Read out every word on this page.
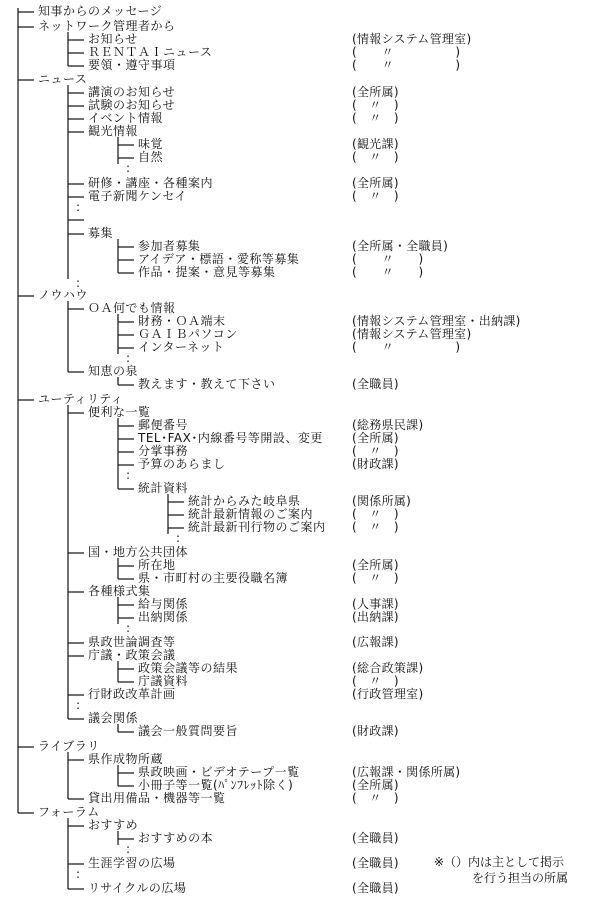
知事からのメッセージ
ネットワーク管理者から
お知らせ	(情報システム管理室)
ＲＥＮＴＡＩニュース	(　　〃　　　　　)
要領・遵守事項	(　　〃　　　　　)
ニュース
講演のお知らせ	(全所属)
試験のお知らせ	(　〃　)
イベント情報	(　〃　)
観光情報
味覚	(観光課)
自然	(　〃　)
:
研修・講座・各種案内	(全所属)
電子新聞ケンセイ	(　〃　)
:
募集
参加者募集	(全所属・全職員)
アイデア・標語・愛称等募集	(　　〃　　)
作品・提案・意見等募集	(　　〃　　)
:
ノウハウ
ＯＡ何でも情報
財務・ＯＡ端末	(情報システム管理室・出納課)
ＧＡＩＢパソコン	(情報システム管理室)
インターネット	(　　〃　　　　　)
:
知恵の泉
教えます・教えて下さい	(全職員)
ユーティリティ
便利な一覧
郵便番号	(総務県民課)
TEL･FAX･内線番号等開設、変更 (全所属)
分掌事務	(　〃　)
予算のあらまし	(財政課)
:
統計資料
統計からみた岐阜県	(関係所属)
統計最新情報のご案内	(　〃　)
統計最新刊行物のご案内 (　〃　)
:
国・地方公共団体
所在地	(全所属)
県・市町村の主要役職名簿	(　〃　)
各種様式集
給与関係	(人事課)
出納関係	(出納課)
:
県政世論調査等	(広報課)
庁議・政策会議
政策会議等の結果	(総合政策課)
庁議資料	(　〃　)
行財政改革計画	(行政管理室)
:
議会関係
議会一般質問要旨	(財政課)
ライブラリ
県作成物所蔵
県政映画・ビデオテープ一覧	(広報課・関係所属)
小冊子等一覧(ﾊﾟﾝﾌﾚｯﾄ除く)	(全所属)
貸出用備品・機器等一覧	(　〃　)
フォーラム
おすすめ
おすすめの本	(全職員)
:
生涯学習の広場	(全職員)
:
リサイクルの広場	(全職員)
※（）内は主として掲示
を行う担当の所属
